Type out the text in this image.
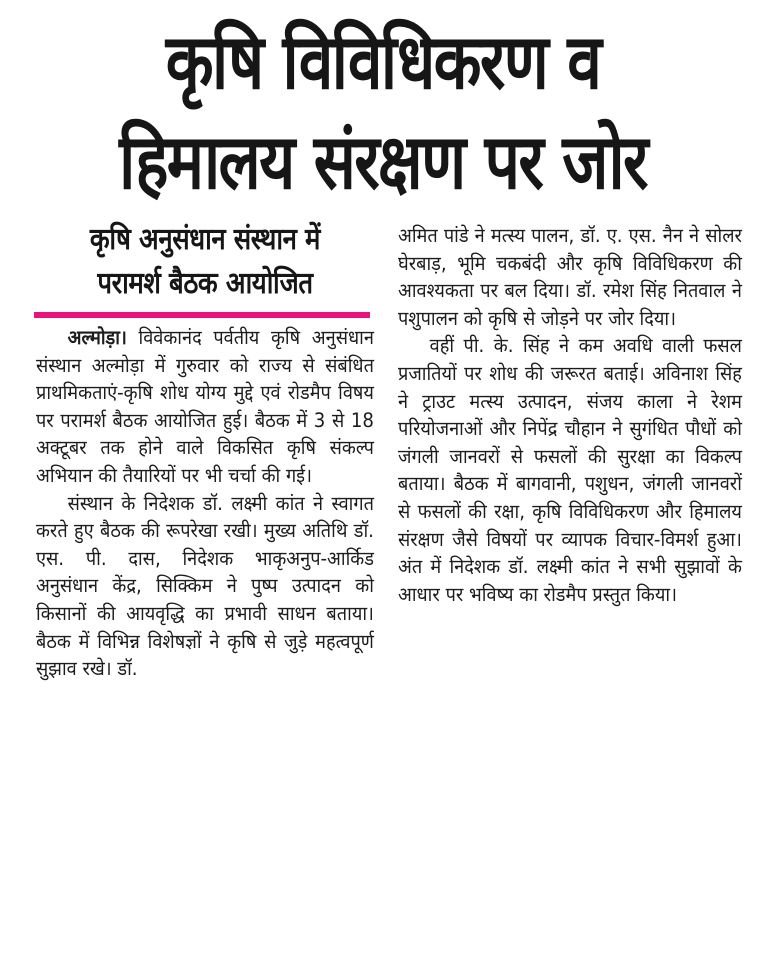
कृषि विविधिकरण व
हिमालय संरक्षण पर जोर
कृषि अनुसंधान संस्थान में
परामर्श बैठक आयोजित

अल्मोड़ा। विवेकानंद पर्वतीय कृषि अनुसंधान संस्थान अल्मोड़ा में गुरुवार को राज्य से संबंधित प्राथमिकताएं-कृषि शोध योग्य मुद्दे एवं रोडमैप विषय पर परामर्श बैठक आयोजित हुई। बैठक में 3 से 18 अक्टूबर तक होने वाले विकसित कृषि संकल्प अभियान की तैयारियों पर भी चर्चा की गई।

संस्थान के निदेशक डॉ. लक्ष्मी कांत ने स्वागत करते हुए बैठक की रूपरेखा रखी। मुख्य अतिथि डॉ. एस. पी. दास, निदेशक भाकृअनुप-आर्किड अनुसंधान केंद्र, सिक्किम ने पुष्प उत्पादन को किसानों की आयवृद्धि का प्रभावी साधन बताया। बैठक में विभिन्न विशेषज्ञों ने कृषि से जुड़े महत्वपूर्ण सुझाव रखे। डॉ.

अमित पांडे ने मत्स्य पालन, डॉ. ए. एस. नैन ने सोलर घेरबाड़, भूमि चकबंदी और कृषि विविधिकरण की आवश्यकता पर बल दिया। डॉ. रमेश सिंह नितवाल ने पशुपालन को कृषि से जोड़ने पर जोर दिया।

वहीं पी. के. सिंह ने कम अवधि वाली फसल प्रजातियों पर शोध की जरूरत बताई। अविनाश सिंह ने ट्राउट मत्स्य उत्पादन, संजय काला ने रेशम परियोजनाओं और निपेंद्र चौहान ने सुगंधित पौधों को जंगली जानवरों से फसलों की सुरक्षा का विकल्प बताया। बैठक में बागवानी, पशुधन, जंगली जानवरों से फसलों की रक्षा, कृषि विविधिकरण और हिमालय संरक्षण जैसे विषयों पर व्यापक विचार-विमर्श हुआ। अंत में निदेशक डॉ. लक्ष्मी कांत ने सभी सुझावों के आधार पर भविष्य का रोडमैप प्रस्तुत किया।
